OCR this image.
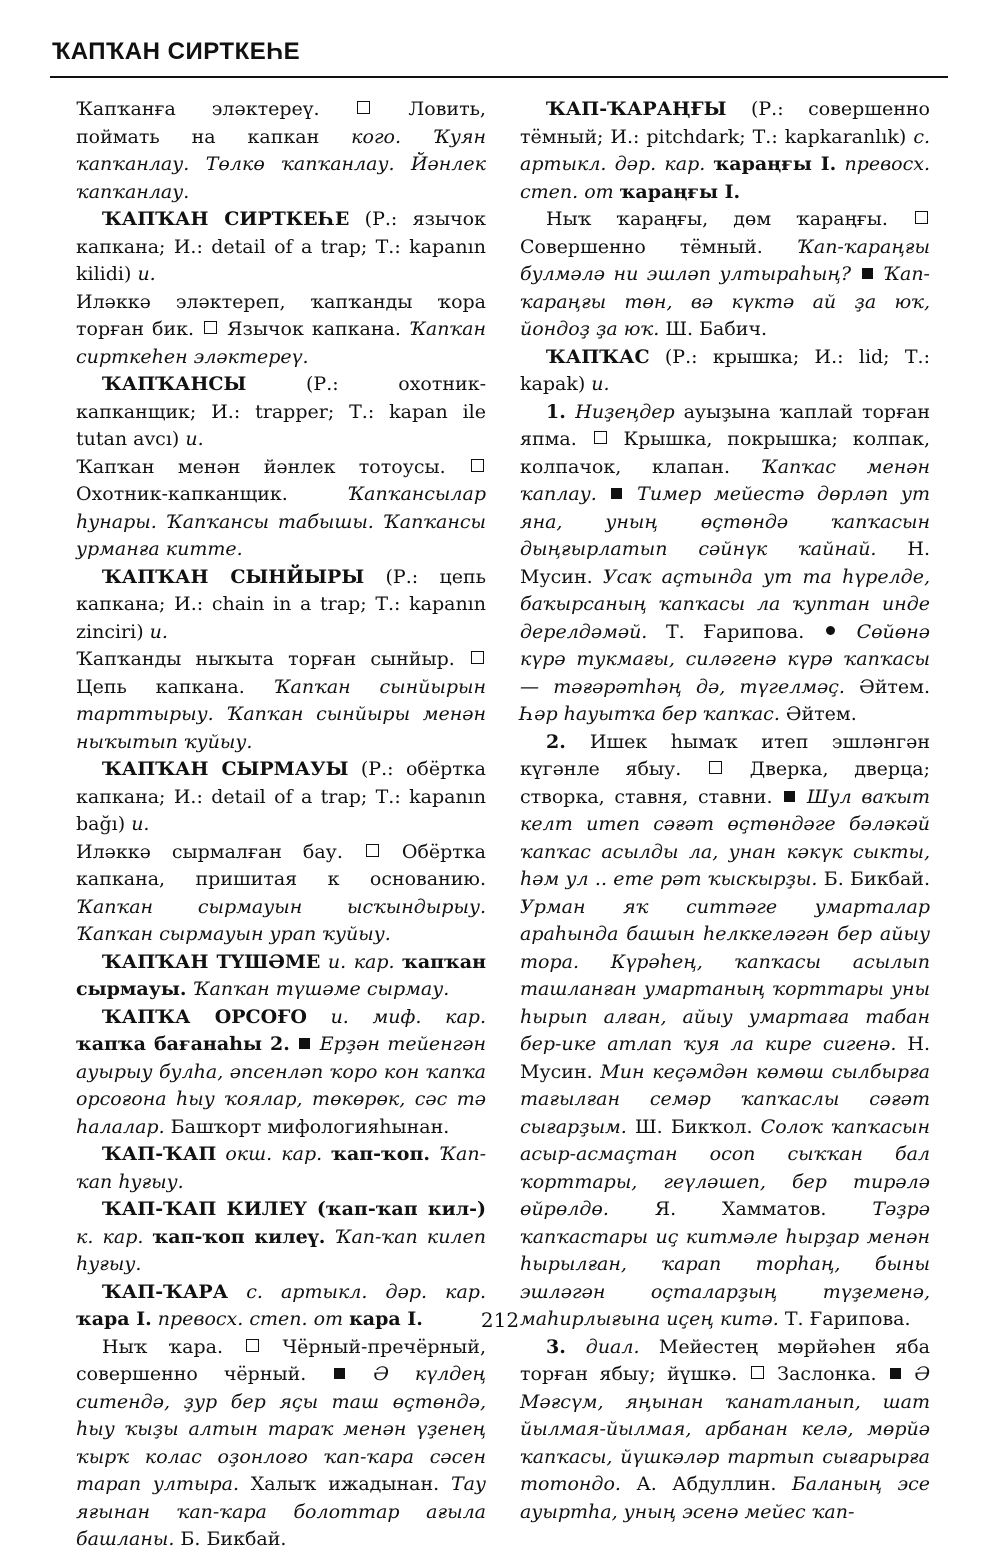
ҠАПҠАН СИРТКЕҺЕ

Ҡапҡанға эләктереү.	Ловить, поймать на капкан кого. Ҡуян ҡапҡанлау. Төлкө ҡапҡанлау. Йәнлек ҡапҡанлау.

ҠАПҠАН СИРТКЕҺЕ (Р.: язычок капкана; И.: detail of a trap; Т.: kapanın kilidi) и.

Иләккә эләктереп, ҡапҡанды ҡора торған бик. Язычок капкана. Ҡапҡан сирткеһен эләктереү.

ҠАПҠАНСЫ (Р.: охотник-капканщик; И.: trapper; Т.: kapan ile tutan avcı) и.

Ҡапҡан менән йәнлек тотоусы.  Охотник-капканщик.	Ҡапҡансылар һунары. Ҡапҡансы табышы. Ҡапҡансы урманға китте.

ҠАПҠАН СЫНЙЫРЫ (Р.: цепь капкана; И.: chain in a trap; Т.: kapanın zinciri) и.

Ҡапҡанды ныҡыта торған сынйыр.  Цепь капкана. Ҡапҡан сынйырын тарттырыу. Ҡапҡан сынйыры менән ныҡытып ҡуйыу.

ҠАПҠАН СЫРМАУЫ (Р.: обёртка капкана; И.: detail of a trap; Т.: kapanın bağı) и.

Иләккә сырмалған бау.	Обёртка капкана, пришитая к основанию. Ҡапҡан сырмауын ысҡындырыу. Ҡапҡан сырмауын урап ҡуйыу.

ҠАПҠАН ТҮШӘМЕ и. кар. ҡапҡан сырмауы. Ҡапҡан түшәме сырмау.

ҠАПҠА ОРСОҒО и. миф. кар. ҡапҡа бағанаһы 2. Ерҙән тейенгән ауырыу булһа, әпсенләп ҡоро кон ҡапҡа орсоғона һыу ҡоялар, төкөрөк, сәс тә һалалар. Башҡорт мифологияһынан.

ҠАП-ҠАП окш. кар. ҡап-ҡоп. Ҡап-ҡап һуғыу.

ҠАП-ҠАП КИЛЕҮ (ҡап-ҡап кил-) к. кар. ҡап-ҡоп килеү. Ҡап-ҡап килеп һуғыу.

ҠАП-ҠАРА с. артыкл. дәр. кар. ҡара I. превосх. степ. от кара I.

Ныҡ ҡара.	Чёрный-пречёрный, совершенно чёрный.	Ә күлдең ситендә, ҙур бер яҫы таш өҫтөндә, һыу ҡыҙы алтын тараҡ менән үҙенең ҡырҡ колас оҙонлоғо ҡап-ҡара сәсен тарап ултыра. Халыҡ ижадынан. Тау яғынан ҡап-ҡара болоттар ағыла башланы. Б. Бикбай.

ҠАП-ҠАРАҢҒЫ (Р.: совершенно тёмный; И.: pitchdark; Т.: kapkaranlık) с. артыкл. дәр. кар. ҡараңғы I. превосх. степ. от ҡараңғы I.

Ныҡ ҡараңғы, дөм ҡараңғы.  Совершенно тёмный. Ҡап-ҡараңғы булмәлә ни эшләп ултыраһың? Ҡап-ҡараңғы төн, вә күктә ай ҙа юҡ, йондоҙ ҙа юҡ. Ш. Бабич.

ҠАПҠАС (Р.: крышка; И.: lid; Т.: kapak) и.

1. Ниҙеңдер ауыҙына ҡаплай торған япма. Крышка, покрышка; колпак, колпачок, клапан. Ҡапҡас менән ҡаплау. Тимер мейестә дөрләп ут яна, уның өҫтөндә ҡапҡасын дыңғырлатып сәйнүк ҡайнай. Н. Мусин. Усаҡ аҫтында ут та һүрелде, баҡырсаның ҡапҡасы ла ҡуптан инде дерелдәмәй. Т. Ғарипова.  Сөйөнә күрә тукмағы, силәгенә күрә ҡапҡасы — тәғәрәтһәң дә, түгелмәҫ. Әйтем. Һәр һауытҡа бер ҡапҡас. Әйтем.

2. Ишек һымаҡ итеп эшләнгән күгәнле ябыу.	Дверка, дверца; створка, ставня, ставни. Шул ваҡыт келт итеп сәғәт өҫтөндәге бәләкәй ҡапҡас асылды ла, унан кәкүк сыкты, һәм ул .. ете рәт ҡыскырҙы. Б. Бикбай. Урман яҡ ситтәге умарталар араһында башын һелккеләгән бер айыу тора. Күрәһең, ҡапҡасы асылып ташланған умартаның ҡорттары уны һырып алған, айыу умартаға табан бер-ике атлап ҡуя ла кире сигенә. Н. Мусин. Мин кеҫәмдән көмөш сылбырға тағылған семәр ҡапҡаслы сәғәт сығарҙым. Ш. Бикҡол. Солоҡ ҡапҡасын асыр-асмаҫтан осоп сыҡҡан бал ҡорттары, геүләшеп, бер тирәлә өйрөлдө. Я. Хамматов. Тәҙрә ҡапҡастары иҫ китмәле һырҙар менән һырылған, ҡарап торһаң, быны эшләгән оҫталарҙың түҙеменә, маһирлығына иҫең китә. Т. Ғарипова.

3. диал. Мейестең мөрйәһен яба торған ябыу; йүшкә. Заслонка. Ә Мәғсүм, яңынан ҡанатланып, шат йылмая-йылмая, арбанан келә, мөрйә ҡапҡасы, йүшкәләр тартып сығарырға тотондо. А. Абдуллин. Баланың эсе ауыртһа, уның эсенә мейес ҡап-

212
